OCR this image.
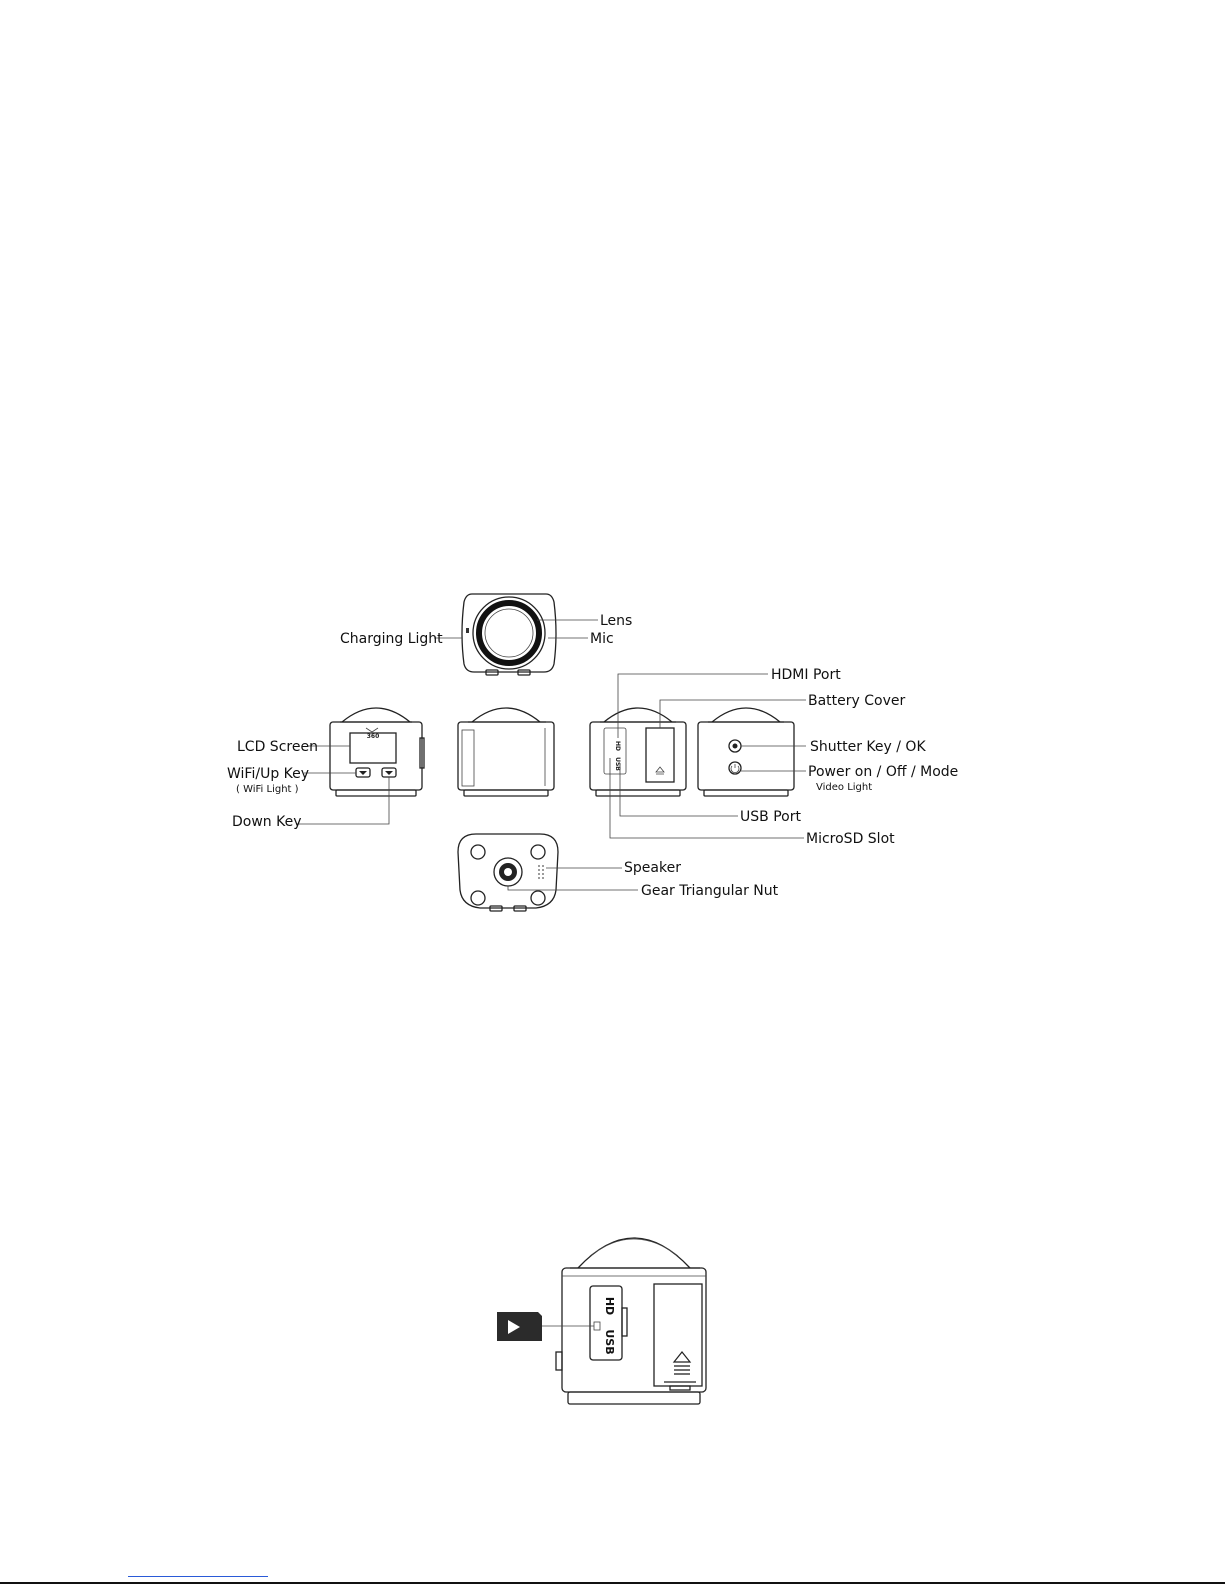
360
HD
USB
Lens
Charging Light	Mic
HDMI Port
Battery Cover
LCD Screen
WiFi/Up Key
( WiFi Light )
Shutter Key / OK
Power on / Off / Mode
Video Light
Down Key	USB Port
MicroSD Slot
Speaker
Gear Triangular Nut
HD
USB
